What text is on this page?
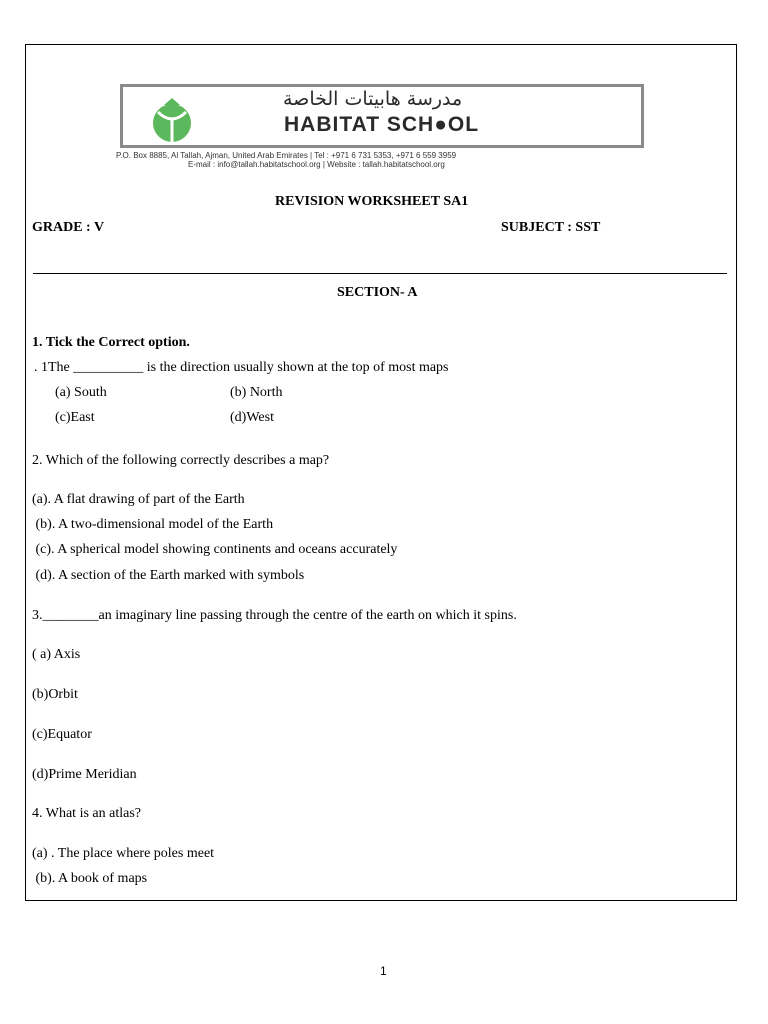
مدرسة هابيتات الخاصة
HABITAT SCH●OL
P.O. Box 8885, Al Tallah, Ajman, United Arab Emirates | Tel : +971 6 731 5353, +971 6 559 3959
E-mail : info@tallah.habitatschool.org | Website : tallah.habitatschool.org
REVISION WORKSHEET SA1
GRADE : V	SUBJECT : SST
SECTION- A
1. Tick the Correct option.
. 1The __________ is the direction usually shown at the top of most maps
(a) South	(b) North
(c)East	(d)West
2. Which of the following correctly describes a map?
(a). A flat drawing of part of the Earth
(b). A two-dimensional model of the Earth
(c). A spherical model showing continents and oceans accurately
(d). A section of the Earth marked with symbols
3.________an imaginary line passing through the centre of the earth on which it spins.
( a) Axis
(b)Orbit
(c)Equator
(d)Prime Meridian
4. What is an atlas?
(a) . The place where poles meet
(b). A book of maps
1
